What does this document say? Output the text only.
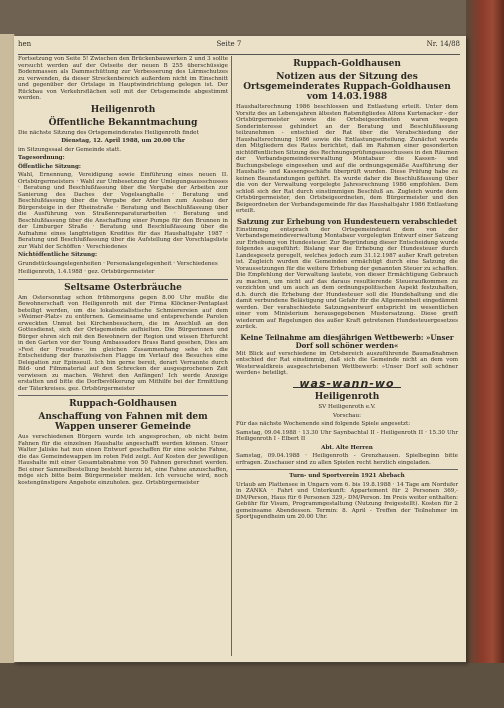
hen	Seite 7	Nr. 14/88

Fortsetzung von Seite 5! Zwischen den Brückenbauwerken 2 und 3 sollte versucht werden auf der Ostseite der neuen B 255 überschüssige Bodenmassen als Dammschüttung zur Verbesserung des Lärmschutzes zu verwenden, da dieser Streckenbereich außerdem nicht im Einschnitt und gegenüber der Ortslage in Hauptwindrichtung gelegen ist. Der Rückbau von Verkehrsflächen soll mit der Ortsgemeinde abgestimmt werden.

Heiligenroth
Öffentliche Bekanntmachung

Die nächste Sitzung des Ortsgemeinderates Heiligenroth findet

Dienstag, 12. April 1988, um 20.00 Uhr

im Sitzungssaal der Gemeinde statt.

Tagesordnung:

Öffentliche Sitzung:

Wahl, Ernennung, Vereidigung sowie Einführung eines neuen II. Ortsbürgermeisters · Wahl zur Umbesetzung der Umlegungsausschusses · Beratung und Beschlußfassung über die Vergabe der Arbeiten zur Sanierung des Daches der Vogelsanghalle · Beratung und Beschlußfassung über die Vergabe der Arbeiten zum Ausbau der Bürgersteige in der Rheinstraße · Beratung und Beschlußfassung über die Ausführung von Straßenreparaturarbeiten · Beratung und Beschlußfassung über die Anschaffung einer Pumpe für den Brunnen in der Limburger Straße · Beratung und Beschlußfassung über die Aufnahme eines langfristigen Kredites für das Haushaltsjahr 1987 · Beratung und Beschlußfassung über die Aufstellung der Vorschlagsliste zur Wahl der Schöffen · Verschiedenes

Nichtöffentliche Sitzung:

Grundstücksangelegenheiten · Personalangelegenheit · Verschiedenes

Heiligenroth, 1.4.1988 · gez. Ortsbürgermeister

Seltsame Osterbräuche

Am Ostersonntag schon frühmorgens gegen 8.00 Uhr mußte die Bewohnerschaft von Heiligenroth mit der Firma Klöckner-Pentaplast beteiligt werden, um die lokalsozialistische Schmierereien auf dem »Weimer-Platz« zu entfernen. Gemeinsame und entsprechende Parolen erweckten Unmut bei Kirchenbesuchern, die im Anschluß an den Gottesdienst, sich der Ortsgemeinde aufhielten. Die Bürgerinnen und Bürger ehren sich mit den Bewohnern der Region und wissen Ehrfurcht in den Garten vor der Young Ambassadors Brass Band gesehen, Dies am »Fest der Freuden« im gleichen Zusammenhang sehe ich die Entscheidung der französischen Flagge im Verlauf des Besuches eine Delegation zur Epinseuil. Ich bin gerne bereit, derart Verrannte durch Bild- und Filmmaterial auf den Schrecken der ausgesprochenen Zeit verwiesen zu machen. Wehret den Anfängen! Ich werde Anzeige erstatten und bitte die Dorfbevölkerung um Mithilfe bei der Ermittlung der Täterkreises. gez. Ortsbürgermeister

Ruppach-Goldhausen
Anschaffung von Fahnen mit dem Wappen unserer Gemeinde

Aus verschiedenen Bürgern wurde ich angesprochen, ob nicht beim Fahnen für die einzelnen Haushalte angeschafft werden können. Unser Walter Jaliske hat nun einen Entwurf geschaffen für eine solche Fahne, die das Gemeindewappen im roten Feld zeigt. Auf Kosten der jeweiligen Haushalte mit einer Gesamtabnahme von 50 Fahnen gerechnet werden. Bei einer Sammelbestellung besteht hierzu ist, eine Fahne anzuschaffen, möge sich bitte beim Bürgermeister melden. Ich versuche wird, noch kostengünstigere Angebote einzuholen. gez. Ortsbürgermeister

Ruppach-Goldhausen
Notizen aus der Sitzung des Ortsgemeinderates Ruppach-Goldhausen vom 14.03.1988

Haushaltsrechnung 1986 beschlossen und Entlastung erteilt. Unter dem Vorsitz des an Lebensjahren ältesten Ratsmitgliedes Alfons Kurtenacker - der Ortsbürgermeister sowie die Ortsbeigeordneten waren wegen Sonderinteresse gehindert an der Beratung und Beschlußfassung teilzunehmen - entschied der Rat über die Verabschiedung der Haushaltsrechnung 1986 sowie die Entlastungserteilung. Zunächst wurde den Mitgliedern des Rates berichtet, daß im Rahmen einer gesonderten nichtöffentlichen Sitzung des Rechnungsprüfungsausschusses in den Räumen der Verbandsgemeindeverwaltung Montabaur die Kassen- und Buchungsbelege eingesehen und auf die ordnungsgemäße Ausführung der Haushalts- und Kassengeschäfte überprüft wurden. Diese Prüfung habe zu keinen Beanstandungen geführt. Es wurde daher die Beschlußfassung über die von der Verwaltung vorgelegte Jahresrechnung 1986 empfohlen. Dem schloß sich der Rat durch einstimmigen Beschluß an. Zugleich wurde dem Ortsbürgermeister, den Ortsbeigeordneten, dem Bürgermeister und den Beigeordneten der Verbandsgemeinde für das Haushaltsjahr 1986 Entlastung erteilt.

Satzung zur Erhebung von Hundesteuern verabschiedet

Einstimmig entsprach der Ortsgemeinderat dem von der Verbandsgemeindeverwaltung Montabaur vorgelegten Entwurf einer Satzung zur Erhebung von Hundesteuer. Zur Begründung dieser Entscheidung wurde folgendes ausgeführt: Bislang war die Erhebung der Hundesteuer durch Landesgesetz geregelt, welches jedoch zum 31.12.1987 außer Kraft getreten ist. Zugleich wurden die Gemeinden ermächtigt durch eine Satzung die Voraussetzungen für die weitere Erhebung der genannten Steuer zu schaffen. Die Empfehlung der Verwaltung lautete, von dieser Ermächtigung Gebrauch zu machen, um nicht auf das daraus resultierende Steueraufkommen zu verzichten und um auch an dem ordnungspolitischen Aspekt festzuhalten, d.h. durch die Erhebung der Hundesteuer soll die Hundehaltung und die damit verbundene Belästigung und Gefahr für die Allgemeinheit eingedämmt werden. Der verabschiedete Satzungsentwurf entspricht im wesentlichen einer vom Ministerium herausgegebenen Mustersatzung. Diese greift wiederum auf Regelungen des außer Kraft getretenen Hundesteuergesetzes zurück.

Keine Teilnahme am diesjährigen Wettbewerb: »Unser Dorf soll schöner werden«

Mit Blick auf verschiedene im Ortsbereich auszuführende Baumaßnahmen entschied der Rat einstimmig, daß sich die Gemeinde nicht an dem vom Westerwaldkreis ausgeschriebenen Wettbewerb: »Unser Dorf soll schöner werden« beteiligt.

was-wann-wo
Heiligenroth

SV Heiligenroth e.V.

Vorschau:

Für das nächste Wochenende sind folgende Spiele angesetzt:

Samstag, 09.04.1988 · 13.30 Uhr Saynbachtal II - Heiligenroth II · 15.30 Uhr Heiligenroth I - Elbert II

Abt. Alte Herren

Samstag, 09.04.1988 · Heiligenroth - Grenzhausen. Spielbeginn bitte erfragen. Zuschauer sind zu allen Spielen recht herzlich eingeladen.

Turn- und Sportverein 1921 Abrbach

Urlaub am Plattensee in Ungarn vom 6. bis 19.8.1988 · 14 Tage am Nordufer in ZANKA · Fahrt und Unterkunft: Appartement für 2 Personen 369,- DM/Person, Haus für 6 Personen 329,- DM/Person. Im Preis weiter enthalten: Gebühr für Visum, Programmgestaltung (Nutzung freigestellt). Kosten für 2 gemeinsame Abendessen. Termin: 8. April - Treffen der Teilnehmer im Sportjugendheim um 20.00 Uhr.
